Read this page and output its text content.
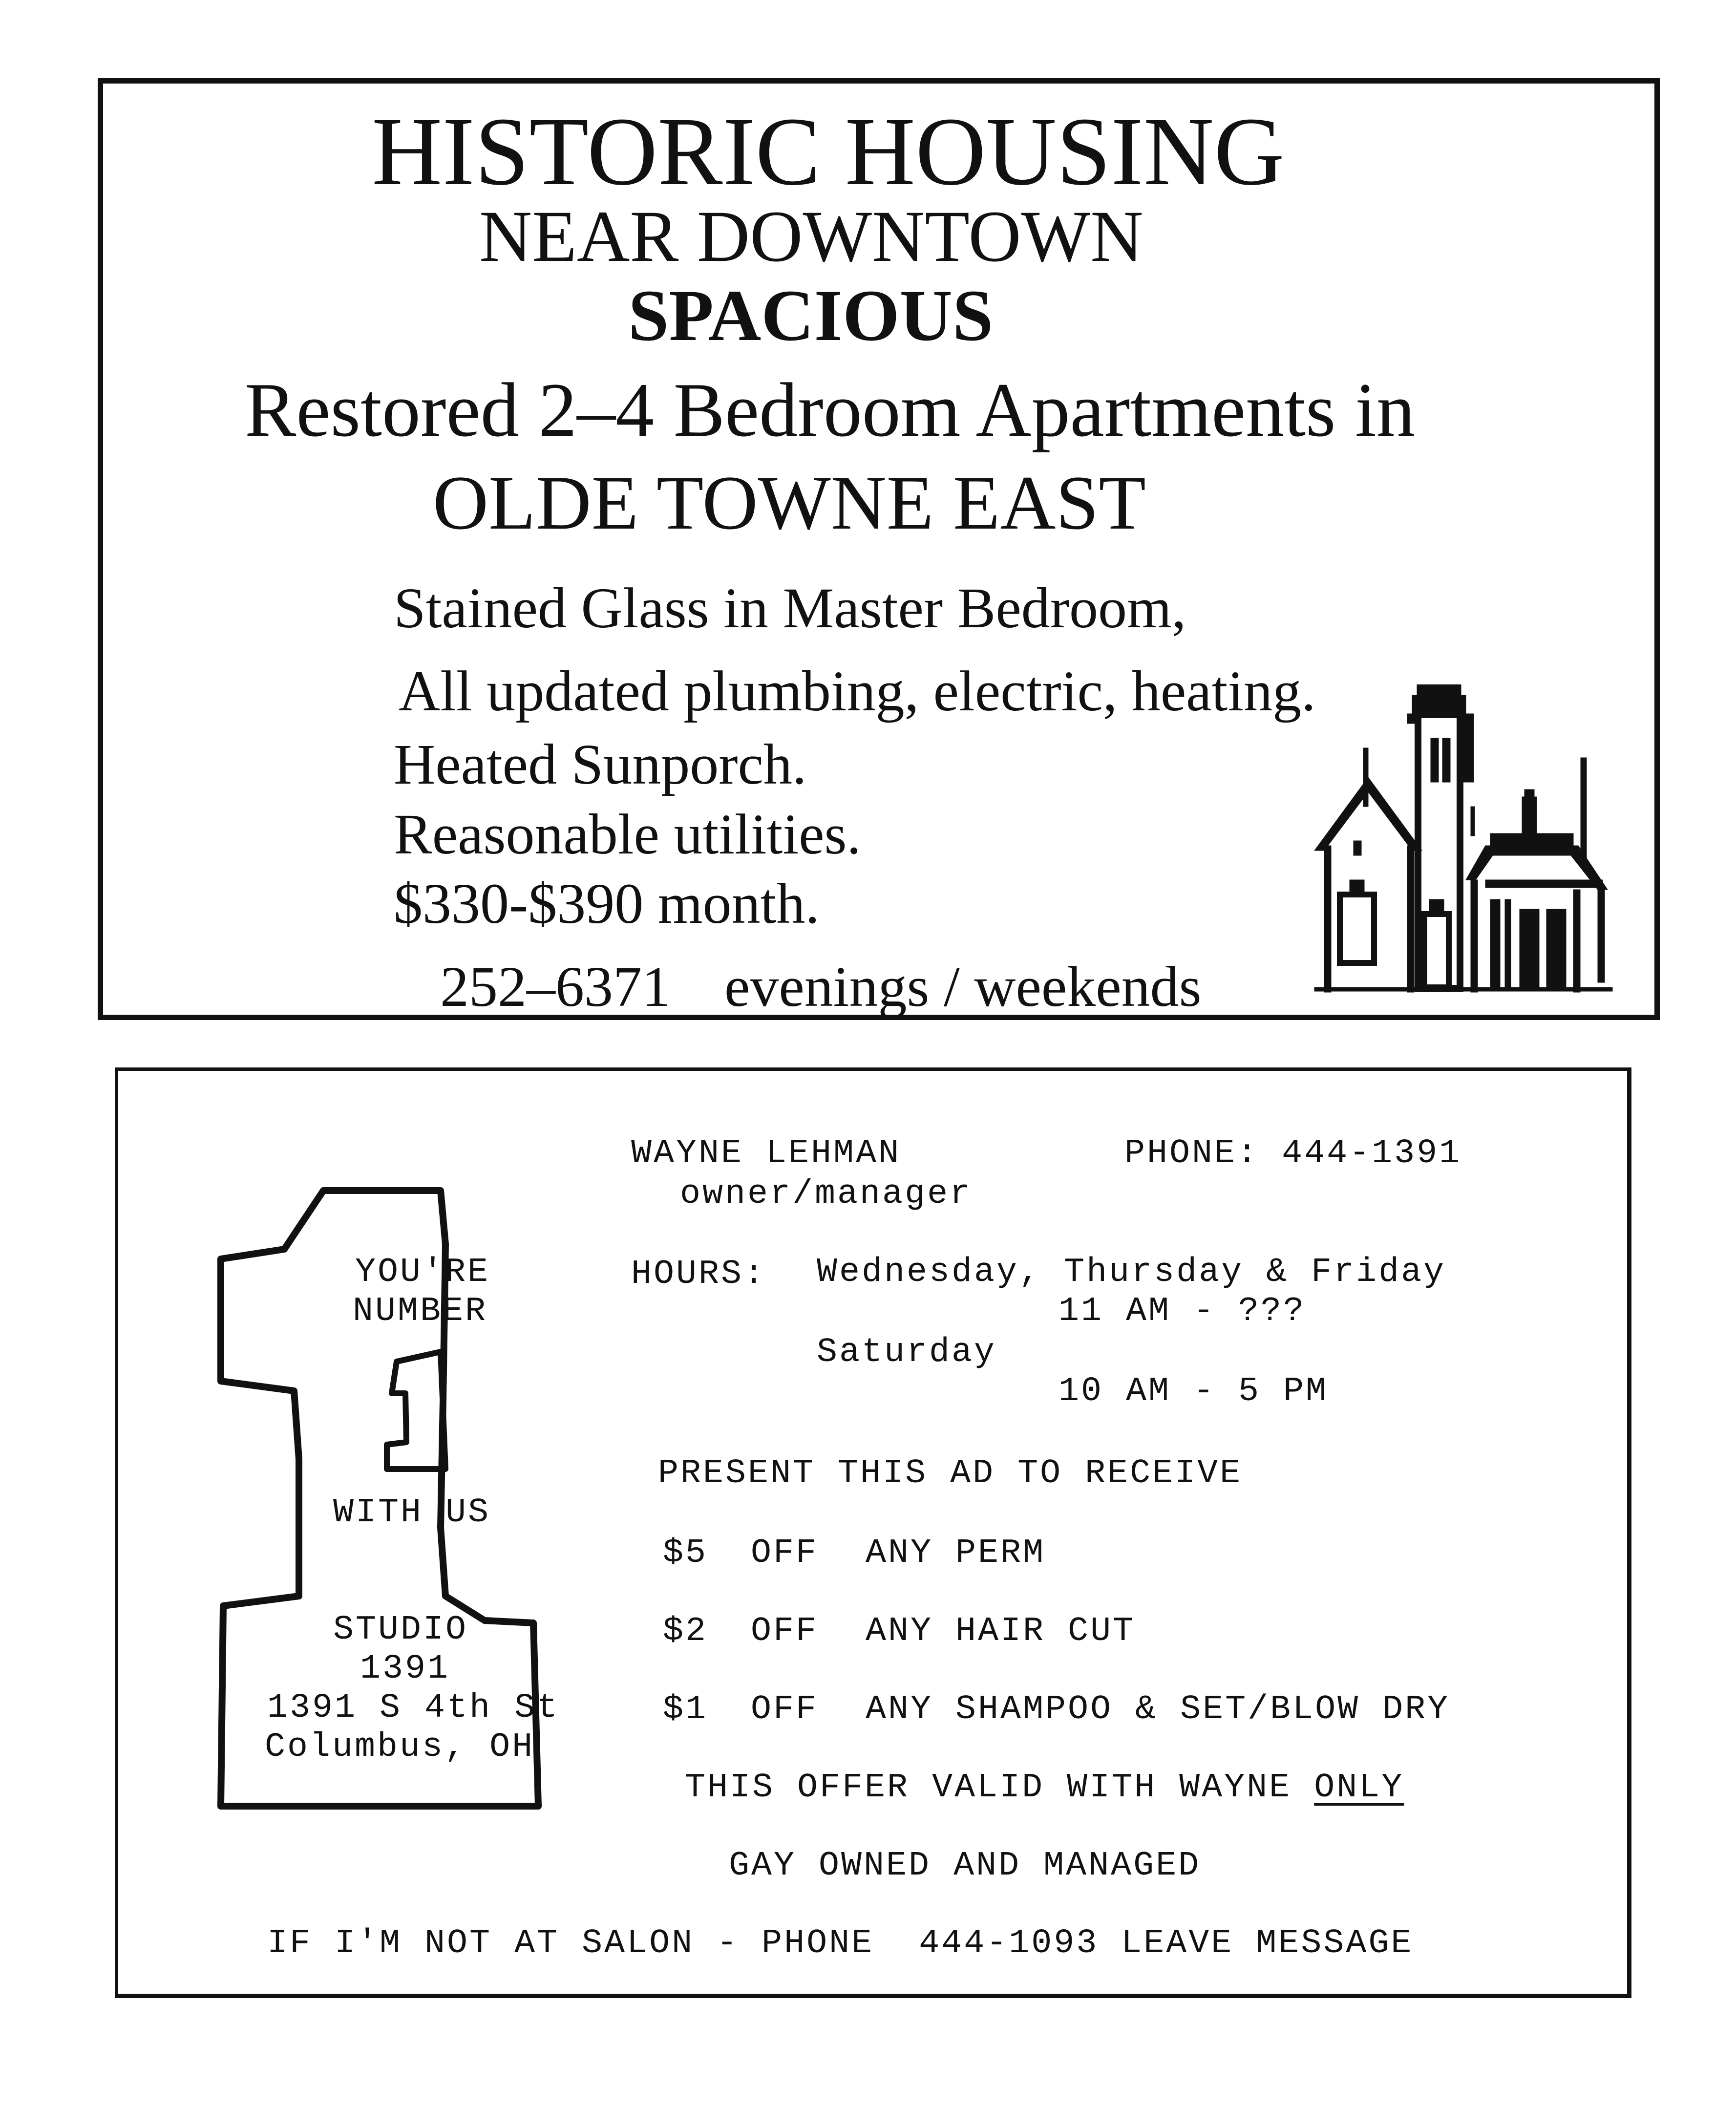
HISTORIC HOUSING

NEAR DOWNTOWN

SPACIOUS

Restored 2–4 Bedroom Apartments in

OLDE TOWNE EAST

Stained Glass in Master Bedroom,

All updated plumbing, electric, heating.

Heated Sunporch.

Reasonable utilities.

$330-$390 month.

252–6371 evenings / weekends

YOU'RE

NUMBER

WITH US

STUDIO

1391

1391 S 4th St

Columbus, OH

WAYNE LEHMAN

owner/manager

PHONE: 444-1391

HOURS: Wednesday, Thursday & Friday

11 AM - ???

Saturday

10 AM - 5 PM

PRESENT THIS AD TO RECEIVE

$5 OFF ANY PERM

$2 OFF ANY HAIR CUT

$1 OFF ANY SHAMPOO & SET/BLOW DRY

THIS OFFER VALID WITH WAYNE ONLY

GAY OWNED AND MANAGED

IF I'M NOT AT SALON - PHONE  444-1093 LEAVE MESSAGE
